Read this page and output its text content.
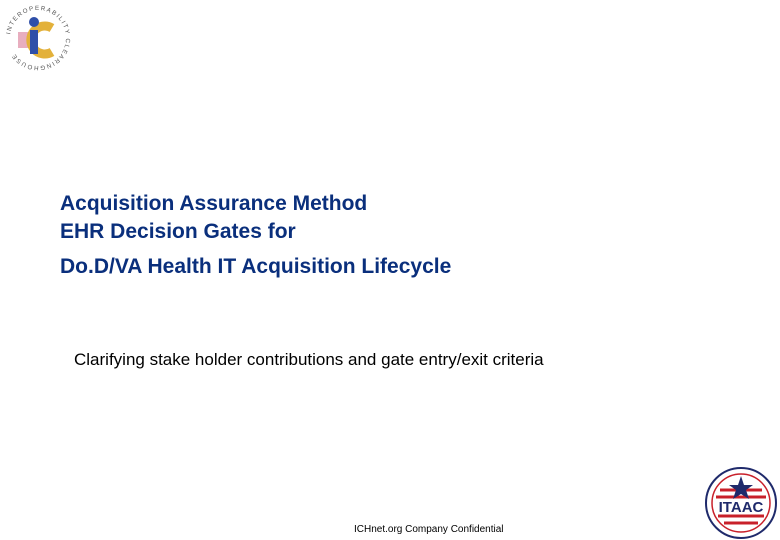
INTEROPERABILITY CLEARINGHOUSE
Acquisition Assurance Method
EHR Decision Gates for
Do.D/VA Health IT Acquisition Lifecycle
Clarifying stake holder contributions and gate entry/exit criteria
ICHnet.org Company Confidential
ITAAC
